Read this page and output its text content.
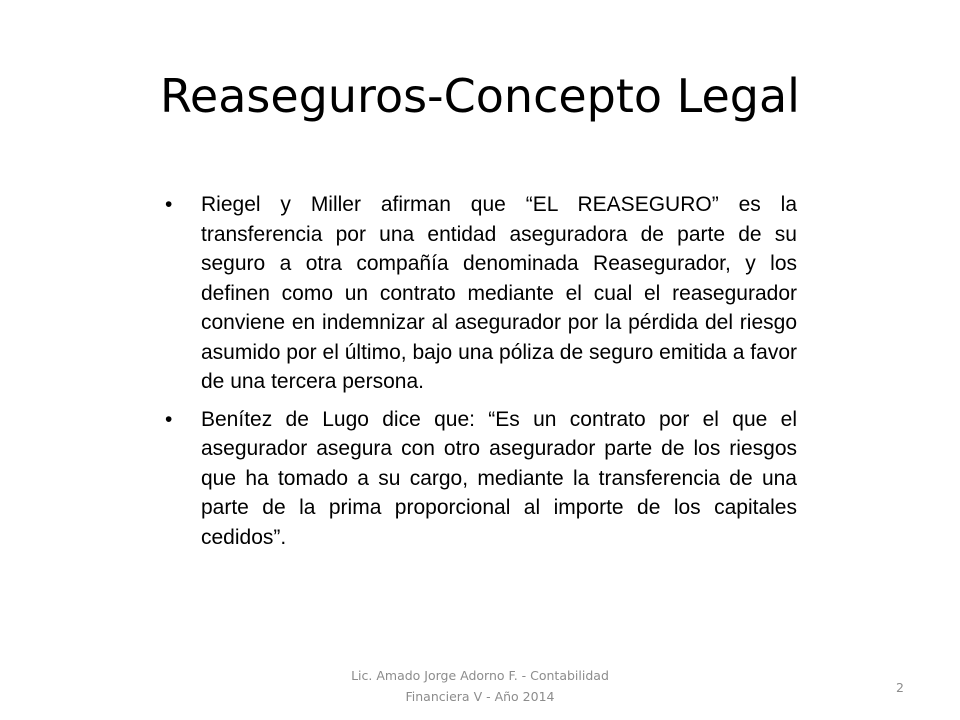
Reaseguros-Concepto Legal
•	Riegel y Miller afirman que “EL REASEGURO” es la transferencia por una entidad aseguradora de parte de su seguro a otra compañía denominada Reasegurador, y los definen como un contrato mediante el cual el reasegurador conviene en indemnizar al asegurador por la pérdida del riesgo asumido por el último, bajo una póliza de seguro emitida a favor de una tercera persona.
•	Benítez de Lugo dice que: “Es un contrato por el que el asegurador asegura con otro asegurador parte de los riesgos que ha tomado a su cargo, mediante la transferencia de una parte de la prima proporcional al importe de los capitales cedidos”.
Lic. Amado Jorge Adorno F. - Contabilidad
Financiera V - Año 2014
2
